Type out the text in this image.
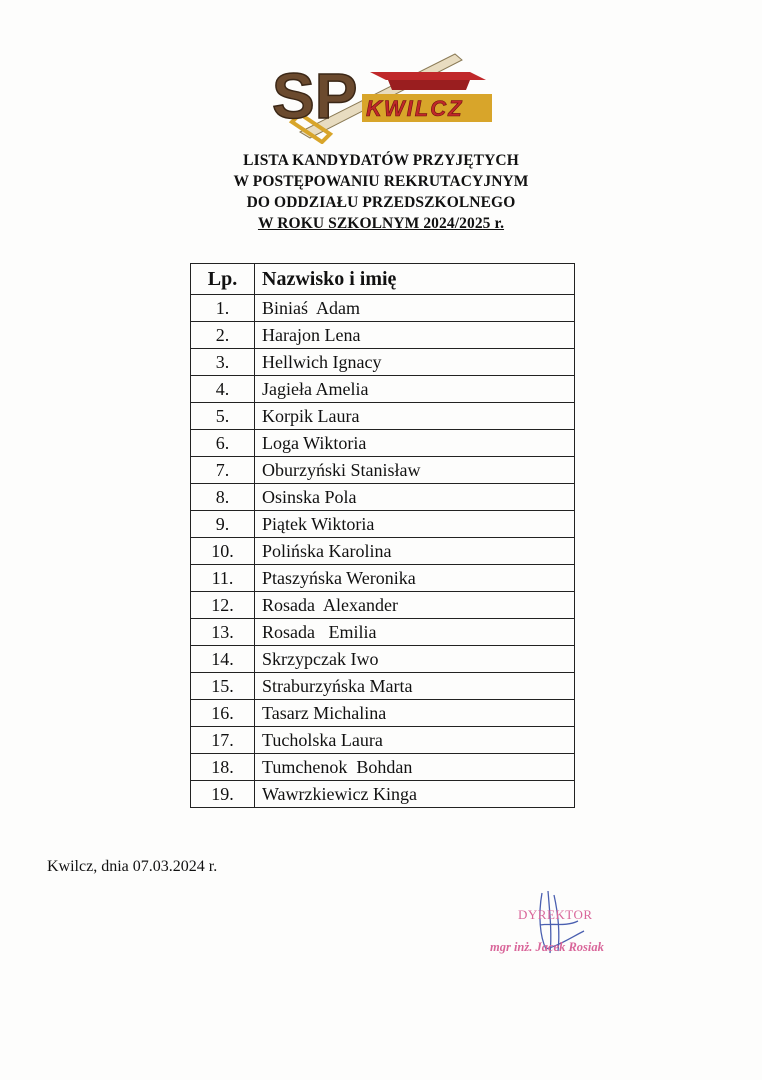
SP KWILCZ
LISTA KANDYDATÓW PRZYJĘTYCH
W POSTĘPOWANIU REKRUTACYJNYM
DO ODDZIAŁU PRZEDSZKOLNEGO
W ROKU SZKOLNYM 2024/2025 r.
Lp.	Nazwisko i imię
1.	Biniaś  Adam
2.	Harajon Lena
3.	Hellwich Ignacy
4.	Jagieła Amelia
5.	Korpik Laura
6.	Loga Wiktoria
7.	Oburzyński Stanisław
8.	Osinska Pola
9.	Piątek Wiktoria
10.	Polińska Karolina
11.	Ptaszyńska Weronika
12.	Rosada  Alexander
13.	Rosada   Emilia
14.	Skrzypczak Iwo
15.	Straburzyńska Marta
16.	Tasarz Michalina
17.	Tucholska Laura
18.	Tumchenok  Bohdan
19.	Wawrzkiewicz Kinga
Kwilcz, dnia 07.03.2024 r.
DYREKTOR
mgr inż. Jacek Rosiak
